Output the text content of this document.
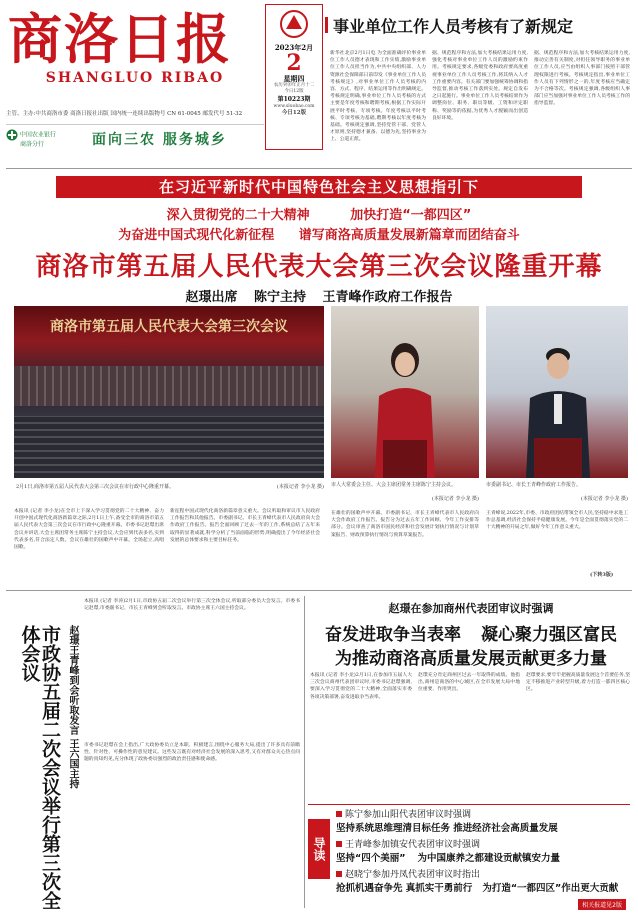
商洛日报
SHANGLUO RIBAO
主管、主办:中共商洛市委 商洛日报社出版 国内统一连续出版物号 CN 61-0045 邮发代号 51-32
中国农业银行
商洛分行	面向三农 服务城乡
2023年2月
2
星期四
农历癸卯年正月十二
今日12版
第10223期
www.sluobao.com
今日12版
事业单位工作人员考核有了新规定
新华社北京2月1日电 为全面准确评价事业单位工作人员德才表现和工作实绩,激励事业单位工作人员担当作为,中共中央组织部、人力资源社会保障部日前印发《事业单位工作人员考核规定》,对事业单位工作人员考核的内容、方式、程序、结果运用等作出明确规定。考核规定明确,事业单位工作人员考核的方式主要是年度考核和聘期考核,根据工作实际开展平时考核、专项考核。年度考核以平时考核、专项考核为基础,聘期考核以年度考核为基础。考核规定强调,坚持党管干部、党管人才原则,坚持德才兼备、以德为先,坚持事业为上、公道正派。
据、规范程序和方法,加大考核结果运用力度,强化考核对事业单位工作人员的激励约束作用。考核规定要求,各级党委和政府要高度重视事业单位工作人员考核工作,将其纳入人才工作重要内容。有关部门要加强统筹协调和指导监督,推动考核工作落到实处。规定自发布之日起施行。事业单位工作人员考核结果作为调整岗位、职务、职员等级、工资和评定职称、奖励等的依据,为优秀人才脱颖而出创造良好环境。
据、规范程序和方法,加大考核结果运用力度,推动完善有关制度,对担任领导职务的事业单位工作人员,应当由组织人事部门按照干部管理权限进行考核。考核规定指出,事业单位工作人员有下列情形之一的,年度考核应当确定为不合格等次。考核规定强调,各级组织人事部门应当加强对事业单位工作人员考核工作的指导监督。
在习近平新时代中国特色社会主义思想指引下
深入贯彻党的二十大精神	加快打造“一都四区”
为奋进中国式现代化新征程 谱写商洛高质量发展新篇章而团结奋斗
商洛市第五届人民代表大会第三次会议隆重开幕
赵璟出席 陈宁主持 王青峰作政府工作报告
商洛市第五届人民代表大会第三次会议
2月1日,商洛市第五届人民代表大会第三次会议在市行政中心隆重开幕。	(本报记者 李小龙 摄) 市人大常委会主任、大会主席团常务主席陈宁主持会议。
(本报记者 李小龙 摄)
市委副书记、市长王青峰作政府工作报告。
(本报记者 李小龙 摄)
本报讯 (记者 李小龙)在全市上下深入学习贯彻党的二十大精神、奋力开创中国式现代化商洛新篇章之际,2月1日上午,备受全市的商洛市第五届人民代表大会第三次会议在市行政中心隆重开幕。市委书记赵璟出席会议并讲话,大会主席团常务主席陈宁主持会议,大会应到代表多名,实到代表多名,符合法定人数。会议在雄壮的国歌声中开幕。全场起立,高唱国歌。
新征程中国式现代化商洛新篇章意义重大。会议听取和审议市人民政府工作报告和其他报告。市委副书记、市长王青峰代表市人民政府向大会作政府工作报告。报告全面回顾了过去一年的工作,系统总结了五年来取得的显著成就,科学分析了当前面临的形势,明确提出了今年经济社会发展的总体要求和主要目标任务。
在雄壮的国歌声中开幕。市委副书记、市长王青峰代表市人民政府向大会作政府工作报告。报告分为过去五年工作回顾、今年工作安排等部分。会议审查了商洛市国民经济和社会发展计划执行情况与计划草案报告、财政预算执行情况与预算草案报告。
王青峰说,2022年,市委、市政府团结带领全市人民,坚持稳中求进工作总基调,经济社会保持平稳健康发展。今年是全面贯彻落实党的二十大精神的开局之年,做好今年工作意义重大。
(下转3版)
市政协五届二次会议举行第三次全体会议	赵璟王青峰到会听取发言 王六国主持
本报讯 (记者 李涛)2月1日,市政协五届二次会议举行第三次全体会议,听取部分委员大会发言。市委书记赵璟,市委副书记、市长王青峰到会听取发言。市政协主席王六国主持会议。
市委书记赵璟在会上指出,广大政协委员立足本职、积极建言,围绕中心服务大局,提出了许多具有前瞻性、针对性、可操作性的意见建议。这些发言既有对经济社会发展的深入思考,又有对群众关心热点问题的真知灼见,充分体现了政协委员强烈的政治责任感和使命感。
赵璟在参加商州代表团审议时强调
奋发进取争当表率 凝心聚力强区富民
为推动商洛高质量发展贡献更多力量
本报讯 (记者 李小龙)2月1日,在参加市五届人大三次会议商州代表团审议时,市委书记赵璟强调,要深入学习贯彻党的二十大精神,全面落实市委各项决策部署,奋发进取争当表率。
赵璟充分肯定商州区过去一年取得的成绩。他指出,商州是商洛的中心城区,在全市发展大局中地位重要、作用突出。
赵璟要求,要牢牢把握高质量发展这个首要任务,坚定不移推进产业转型升级,着力打造一都四区核心区。
导读
陈宁参加山阳代表团审议时强调
坚持系统思维理清目标任务 推进经济社会高质量发展
王青峰参加镇安代表团审议时强调
坚持“四个美丽” 为中国康养之都建设贡献镇安力量
赵晓宁参加丹凤代表团审议时指出
抢抓机遇奋争先 真抓实干勇前行 为打造“一都四区”作出更大贡献
相关报道见2版
